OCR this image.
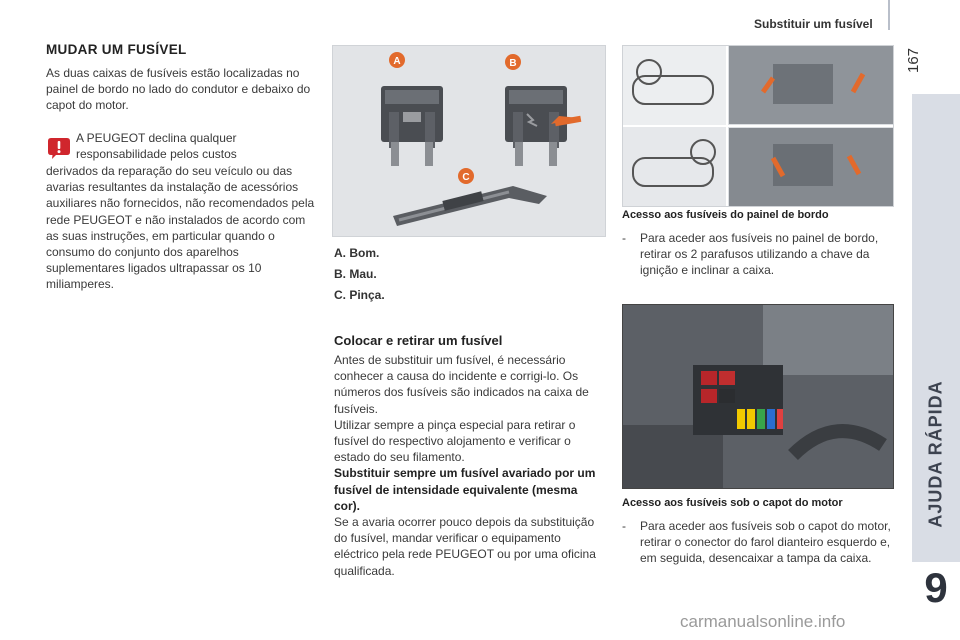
Substituir um fusível
167
AJUDA RÁPIDA
9
MUDAR UM FUSÍVEL
As duas caixas de fusíveis estão localizadas no painel de bordo no lado do condutor e debaixo do capot do motor.
A PEUGEOT declina qualquer responsabilidade pelos custos
derivados da reparação do seu veículo ou das avarias resultantes da instalação de acessórios auxiliares não fornecidos, não recomendados pela rede PEUGEOT e não instalados de acordo com as suas instruções, em particular quando o consumo do conjunto dos aparelhos suplementares ligados ultrapassar os 10 miliamperes.
A	B
C
A. Bom.
B. Mau.
C. Pinça.
Colocar e retirar um fusível
Antes de substituir um fusível, é necessário conhecer a causa do incidente e corrigi-lo. Os números dos fusíveis são indicados na caixa de fusíveis.
Utilizar sempre a pinça especial para retirar o fusível do respectivo alojamento e verificar o estado do seu filamento.
Substituir sempre um fusível avariado por um fusível de intensidade equivalente (mesma cor).
Se a avaria ocorrer pouco depois da substituição do fusível, mandar verificar o equipamento eléctrico pela rede PEUGEOT ou por uma oficina qualificada.
Acesso aos fusíveis do painel de bordo
- Para aceder aos fusíveis no painel de bordo, retirar os 2 parafusos utilizando a chave da ignição e inclinar a caixa.
Acesso aos fusíveis sob o capot do motor
- Para aceder aos fusíveis sob o capot do motor, retirar o conector do farol dianteiro esquerdo e, em seguida, desencaixar a tampa da caixa.
carmanualsonline.info
